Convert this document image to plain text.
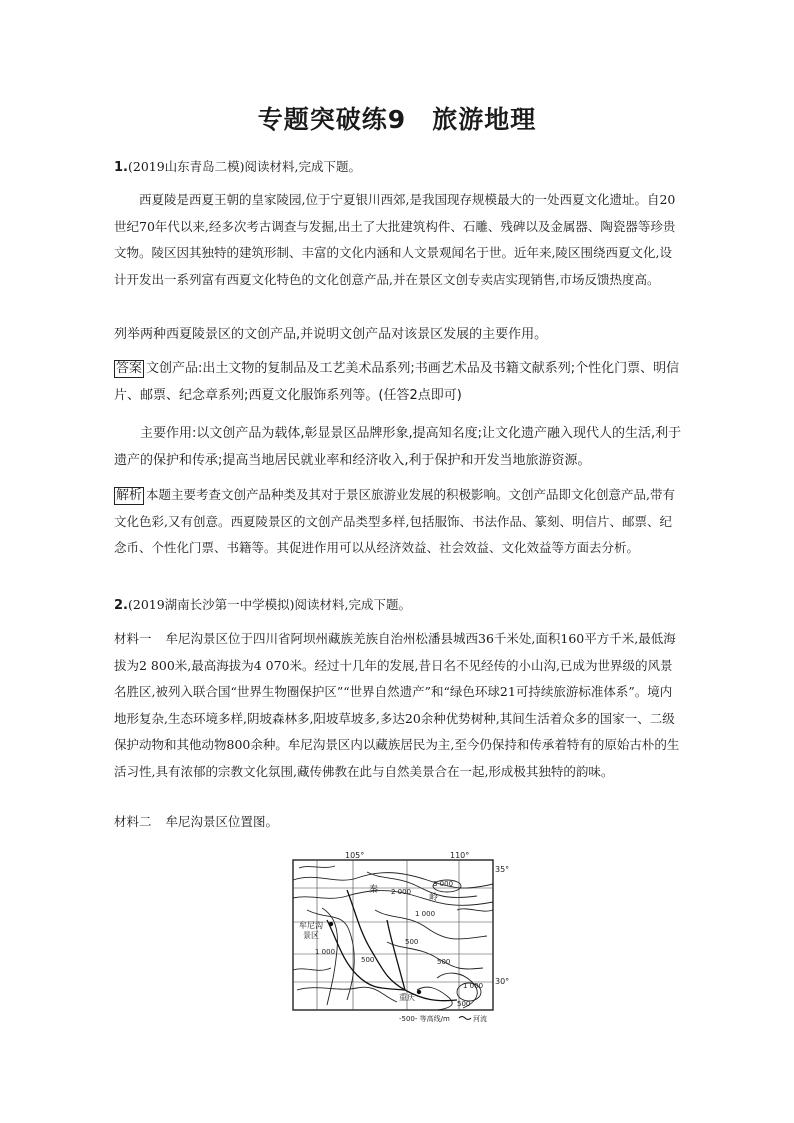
专题突破练9 旅游地理
1.(2019山东青岛二模)阅读材料,完成下题。
西夏陵是西夏王朝的皇家陵园,位于宁夏银川西郊,是我国现存规模最大的一处西夏文化遗址。自20世纪70年代以来,经多次考古调查与发掘,出土了大批建筑构件、石雕、残碑以及金属器、陶瓷器等珍贵文物。陵区因其独特的建筑形制、丰富的文化内涵和人文景观闻名于世。近年来,陵区围绕西夏文化,设计开发出一系列富有西夏文化特色的文化创意产品,并在景区文创专卖店实现销售,市场反馈热度高。
列举两种西夏陵景区的文创产品,并说明文创产品对该景区发展的主要作用。
答案 文创产品:出土文物的复制品及工艺美术品系列;书画艺术品及书籍文献系列;个性化门票、明信片、邮票、纪念章系列;西夏文化服饰系列等。(任答2点即可)
主要作用:以文创产品为载体,彰显景区品牌形象,提高知名度;让文化遗产融入现代人的生活,利于遗产的保护和传承;提高当地居民就业率和经济收入,利于保护和开发当地旅游资源。
解析 本题主要考查文创产品种类及其对于景区旅游业发展的积极影响。文创产品即文化创意产品,带有文化色彩,又有创意。西夏陵景区的文创产品类型多样,包括服饰、书法作品、篆刻、明信片、邮票、纪念币、个性化门票、书籍等。其促进作用可以从经济效益、社会效益、文化效益等方面去分析。
2.(2019湖南长沙第一中学模拟)阅读材料,完成下题。
材料一 牟尼沟景区位于四川省阿坝州藏族羌族自治州松潘县城西36千米处,面积160平方千米,最低海拔为2 800米,最高海拔为4 070米。经过十几年的发展,昔日名不见经传的小山沟,已成为世界级的风景名胜区,被列入联合国“世界生物圈保护区”“世界自然遗产”和“绿色环球21可持续旅游标准体系”。境内地形复杂,生态环境多样,阴坡森林多,阳坡草坡多,多达20余种优势树种,其间生活着众多的国家一、二级保护动物和其他动物800余种。牟尼沟景区内以藏族居民为主,至今仍保持和传承着特有的原始古朴的生活习性,具有浓郁的宗教文化氛围,藏传佛教在此与自然美景合在一起,形成极其独特的韵味。
材料二 牟尼沟景区位置图。
105°	110°
35°
30°
牟尼沟
景区
秦
岭
重庆
2 000
1 000
3 000
500
1 000
500	500
1 000
500
-500- 等高线/m	河流
